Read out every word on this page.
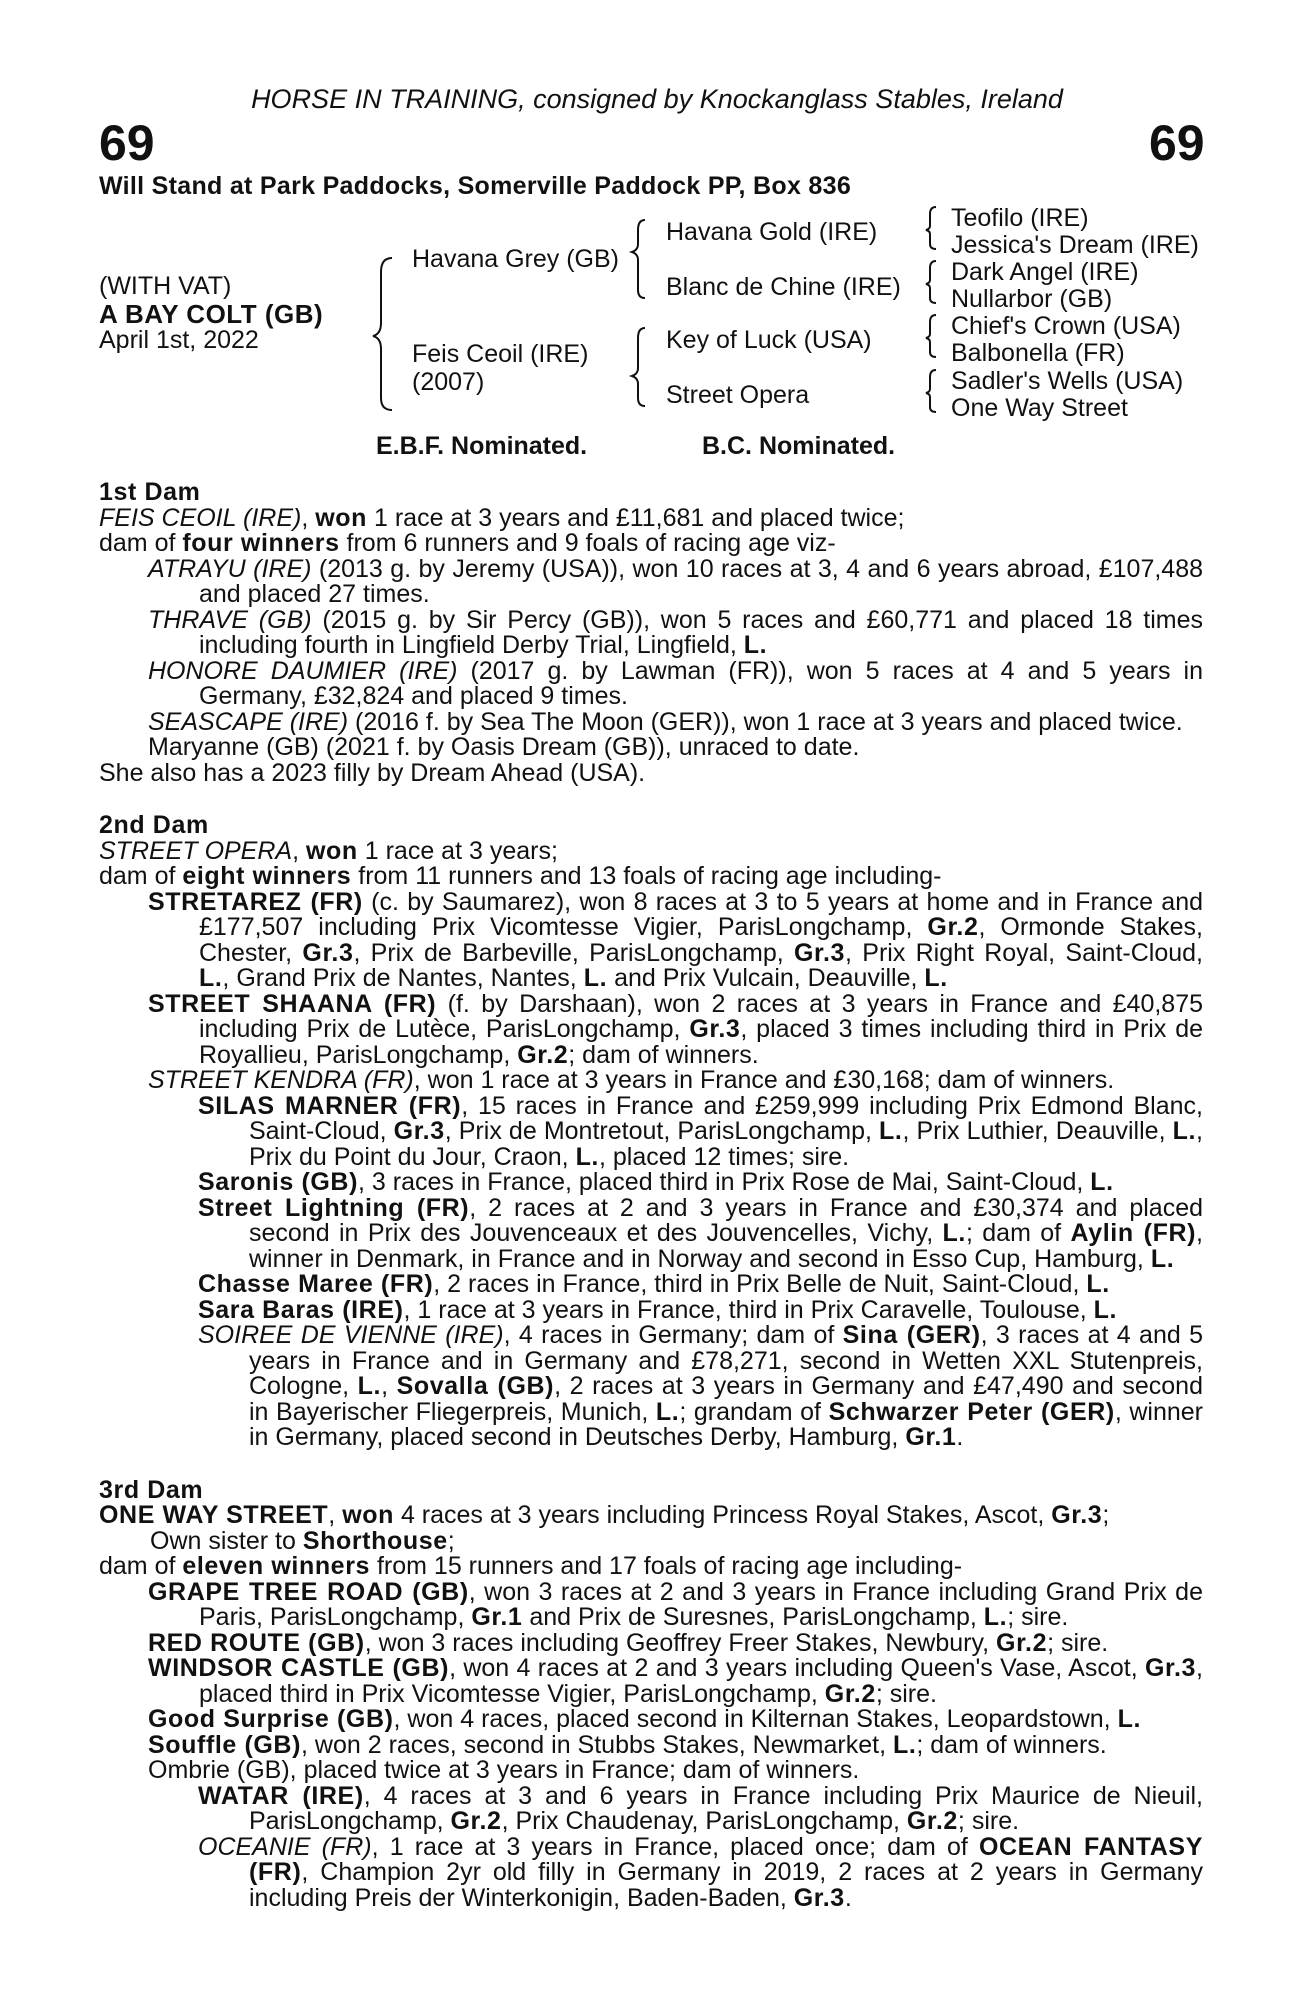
HORSE IN TRAINING, consigned by Knockanglass Stables, Ireland
69	69
Will Stand at Park Paddocks, Somerville Paddock PP, Box 836
(WITH VAT)
A BAY COLT (GB)
April 1st, 2022
Havana Grey (GB)
Feis Ceoil (IRE)
(2007)
Havana Gold (IRE)
Blanc de Chine (IRE)
Key of Luck (USA)
Street Opera
Teofilo (IRE)
Jessica's Dream (IRE)
Dark Angel (IRE)
Nullarbor (GB)
Chief's Crown (USA)
Balbonella (FR)
Sadler's Wells (USA)
One Way Street
E.B.F. Nominated.	B.C. Nominated.

1st Dam

FEIS CEOIL (IRE), won 1 race at 3 years and £11,681 and placed twice;

dam of four winners from 6 runners and 9 foals of racing age viz-

ATRAYU (IRE) (2013 g. by Jeremy (USA)), won 10 races at 3, 4 and 6 years abroad, £107,488 and placed 27 times.

THRAVE (GB) (2015 g. by Sir Percy (GB)), won 5 races and £60,771 and placed 18 times including fourth in Lingfield Derby Trial, Lingfield, L.

HONORE DAUMIER (IRE) (2017 g. by Lawman (FR)), won 5 races at 4 and 5 years in Germany, £32,824 and placed 9 times.

SEASCAPE (IRE) (2016 f. by Sea The Moon (GER)), won 1 race at 3 years and placed twice.

Maryanne (GB) (2021 f. by Oasis Dream (GB)), unraced to date.

She also has a 2023 filly by Dream Ahead (USA).

2nd Dam

STREET OPERA, won 1 race at 3 years;

dam of eight winners from 11 runners and 13 foals of racing age including-

STRETAREZ (FR) (c. by Saumarez), won 8 races at 3 to 5 years at home and in France and £177,507 including Prix Vicomtesse Vigier, ParisLongchamp, Gr.2, Ormonde Stakes, Chester, Gr.3, Prix de Barbeville, ParisLongchamp, Gr.3, Prix Right Royal, Saint-Cloud, L., Grand Prix de Nantes, Nantes, L. and Prix Vulcain, Deauville, L.

STREET SHAANA (FR) (f. by Darshaan), won 2 races at 3 years in France and £40,875 including Prix de Lutèce, ParisLongchamp, Gr.3, placed 3 times including third in Prix de Royallieu, ParisLongchamp, Gr.2; dam of winners.

STREET KENDRA (FR), won 1 race at 3 years in France and £30,168; dam of winners.

SILAS MARNER (FR), 15 races in France and £259,999 including Prix Edmond Blanc, Saint-Cloud, Gr.3, Prix de Montretout, ParisLongchamp, L., Prix Luthier, Deauville, L., Prix du Point du Jour, Craon, L., placed 12 times; sire.

Saronis (GB), 3 races in France, placed third in Prix Rose de Mai, Saint-Cloud, L.

Street Lightning (FR), 2 races at 2 and 3 years in France and £30,374 and placed second in Prix des Jouvenceaux et des Jouvencelles, Vichy, L.; dam of Aylin (FR), winner in Denmark, in France and in Norway and second in Esso Cup, Hamburg, L.

Chasse Maree (FR), 2 races in France, third in Prix Belle de Nuit, Saint-Cloud, L.

Sara Baras (IRE), 1 race at 3 years in France, third in Prix Caravelle, Toulouse, L.

SOIREE DE VIENNE (IRE), 4 races in Germany; dam of Sina (GER), 3 races at 4 and 5 years in France and in Germany and £78,271, second in Wetten XXL Stutenpreis, Cologne, L., Sovalla (GB), 2 races at 3 years in Germany and £47,490 and second in Bayerischer Fliegerpreis, Munich, L.; grandam of Schwarzer Peter (GER), winner in Germany, placed second in Deutsches Derby, Hamburg, Gr.1.

3rd Dam

ONE WAY STREET, won 4 races at 3 years including Princess Royal Stakes, Ascot, Gr.3;

Own sister to Shorthouse;

dam of eleven winners from 15 runners and 17 foals of racing age including-

GRAPE TREE ROAD (GB), won 3 races at 2 and 3 years in France including Grand Prix de Paris, ParisLongchamp, Gr.1 and Prix de Suresnes, ParisLongchamp, L.; sire.

RED ROUTE (GB), won 3 races including Geoffrey Freer Stakes, Newbury, Gr.2; sire.

WINDSOR CASTLE (GB), won 4 races at 2 and 3 years including Queen's Vase, Ascot, Gr.3, placed third in Prix Vicomtesse Vigier, ParisLongchamp, Gr.2; sire.

Good Surprise (GB), won 4 races, placed second in Kilternan Stakes, Leopardstown, L.

Souffle (GB), won 2 races, second in Stubbs Stakes, Newmarket, L.; dam of winners.

Ombrie (GB), placed twice at 3 years in France; dam of winners.

WATAR (IRE), 4 races at 3 and 6 years in France including Prix Maurice de Nieuil, ParisLongchamp, Gr.2, Prix Chaudenay, ParisLongchamp, Gr.2; sire.

OCEANIE (FR), 1 race at 3 years in France, placed once; dam of OCEAN FANTASY (FR), Champion 2yr old filly in Germany in 2019, 2 races at 2 years in Germany including Preis der Winterkonigin, Baden-Baden, Gr.3.
